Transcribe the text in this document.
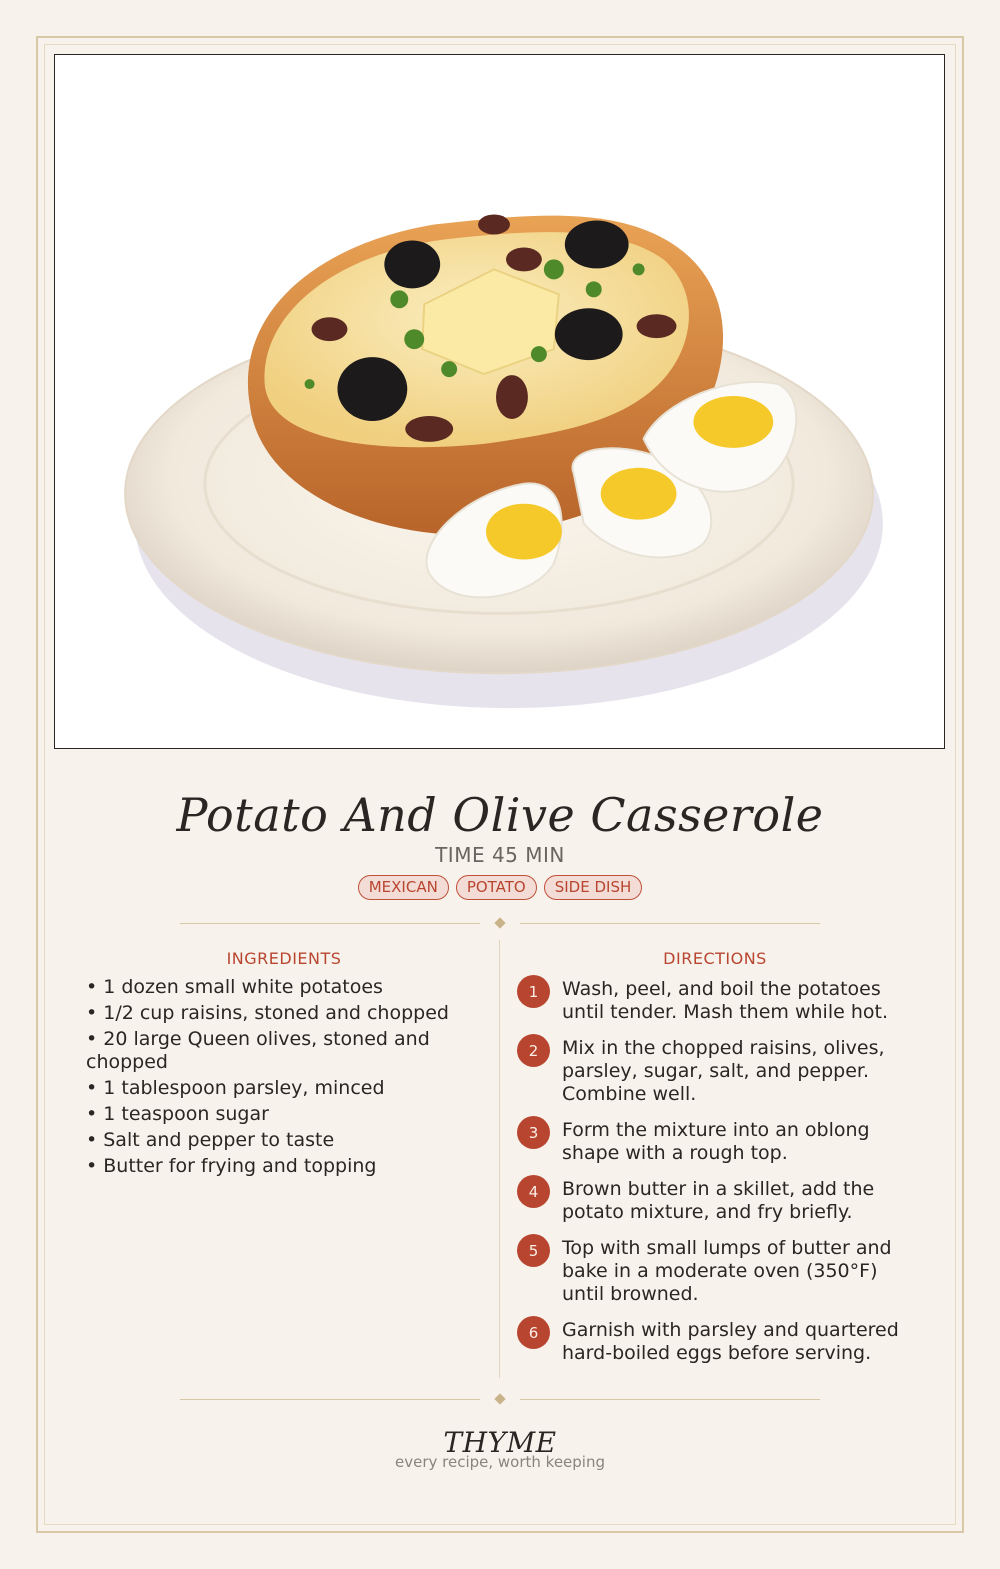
Potato And Olive Casserole
TIME 45 MIN
MEXICAN	POTATO	SIDE DISH
INGREDIENTS
• 1 dozen small white potatoes
• 1/2 cup raisins, stoned and chopped
• 20 large Queen olives, stoned and chopped
• 1 tablespoon parsley, minced
• 1 teaspoon sugar
• Salt and pepper to taste
• Butter for frying and topping
DIRECTIONS
1	Wash, peel, and boil the potatoes until tender. Mash them while hot.
2	Mix in the chopped raisins, olives, parsley, sugar, salt, and pepper. Combine well.
3	Form the mixture into an oblong shape with a rough top.
4	Brown butter in a skillet, add the potato mixture, and fry briefly.
5	Top with small lumps of butter and bake in a moderate oven (350°F) until browned.
6	Garnish with parsley and quartered hard-boiled eggs before serving.
THYME
every recipe, worth keeping
